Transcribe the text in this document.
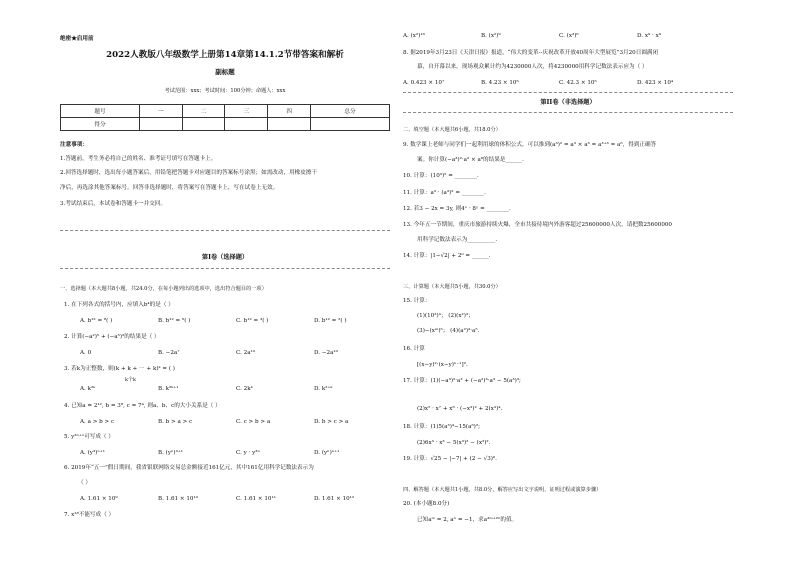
绝密★启用前
2022人教版八年级数学上册第14章第14.1.2节带答案和解析
副标题
考试范围：xxx；考试时间：100分钟；命题人：xxx
题号	一	二	三	四	总分
得分					
注意事项：
1.答题前，考生务必将自己的姓名、准考证号填写在答题卡上。
2.回答选择题时，选出每小题答案后，用铅笔把答题卡对应题目的答案标号涂黑；如需改动，用橡皮擦干
净后，再选涂其他答案标号。回答非选择题时，将答案写在答题卡上，写在试卷上无效。
3.考试结束后，本试卷和答题卡一并交回。
第I卷（选择题）
一、选择题（本大题共8小题，共24.0分，在每小题列出的选项中，选出符合题目的一项）
1. 在下列各式的括号内，应填入b⁴的是（ ）
A. b¹² = ⁸( )	B. b¹² = ⁶( )	C. b¹² = ³( )	D. b¹² = ²( )
2. 计算(−a²)⁵ + (−a⁵)²的结果是（ ）
A. 0	B. −2a⁷	C. 2a¹⁰	D. −2a¹⁰
3. 若k为正整数，则(k + k + ⋯ + k)ᵏ = ( )
k个k
A. k²ᵏ	B. k²ᵏ⁺¹	C. 2kᵏ	D. k²⁺ᵏ
4. 已知a = 2¹², b = 3⁸, c = 7⁴, 则a、b、c的大小关系是（ ）
A. a > b > c	B. b > a > c	C. c > b > a	D. b > c > a
5. y³ⁿ⁺¹可写成（ ）
A. (y³)ⁿ⁺¹	B. (yⁿ)³⁺¹	C. y · y³ⁿ	D. (yⁿ)ⁿ⁺¹
6. 2019年“五一”假日期间，我省银联网络交易总金额接近161亿元，其中161亿用科学记数法表示为
（ ）
A. 1.61 × 10⁹	B. 1.61 × 10¹⁰	C. 1.61 × 10¹¹	D. 1.61 × 10¹²
7. x¹⁸不能写成（ ）
A. (x²)¹⁶	B. (x²)⁹	C. (x³)⁶	D. x⁹ · x⁹
8. 据2019年3月23日《天津日报》报道，“伟大的变革--庆祝改革开放40周年大型展览”3月20日圆满闭
幕，自开幕以来，现场观众累计约为4230000人次，将4230000用科学记数法表示应为（ ）
A. 0.423 × 10⁷	B. 4.23 × 10⁶	C. 42.3 × 10⁵	D. 423 × 10⁴
第II卷（非选择题）
二、填空题（本大题共6小题，共18.0分）
9. 数学课上老师与同学们一起利用球的体积公式，可以推到(a³)² = a³ × a³ = a³⁺³ = a⁶，得到正确答
案。你计算(−a³)²·a² × a⁸的结果是______.
10. 计算：(10³)⁵ = ________.
11. 计算：a³ · (a³)² = ________.
12. 若3 − 2x = 3y, 则4ˣ · 8ʸ = ________.
13. 今年五一节期间，重庆市旅游持续火爆，全市共接待境内外游客超过25600000人次，请把数25600000
用科学记数法表示为__________.
14. 计算：|1−√2| + 2⁰ = ______.
三、计算题（本大题共5小题，共30.0分）
15. 计算：
(1)(10³)³； (2)(x²)³；
(3)−(xᵐ)⁵； (4)(a²)³·a⁵.
16. 计算
[(x−y)²·(x−y)ⁿ⁻¹]².
17. 计算：(1)(−a³)²·a³ + (−a²)³·a³ − 5(a³)³;
(2)x⁵ · x⁷ + x⁶ · (−x³)² + 2(x³)⁴.
18. 计算：(1)5(a³)⁴−15(a⁶)²;
(2)6x³ · x³ − 5(x³)² − (x³)².
19. 计算：√25 − |−7| + (2 − √3)⁰.
四、解答题（本大题共1小题，共8.0分，解答应写出文字说明，证明过程或演算步骤）
20. (本小题8.0分)
已知aᵐ = 2, aⁿ = −1，求a³ᵐ⁺²ⁿ的值。
